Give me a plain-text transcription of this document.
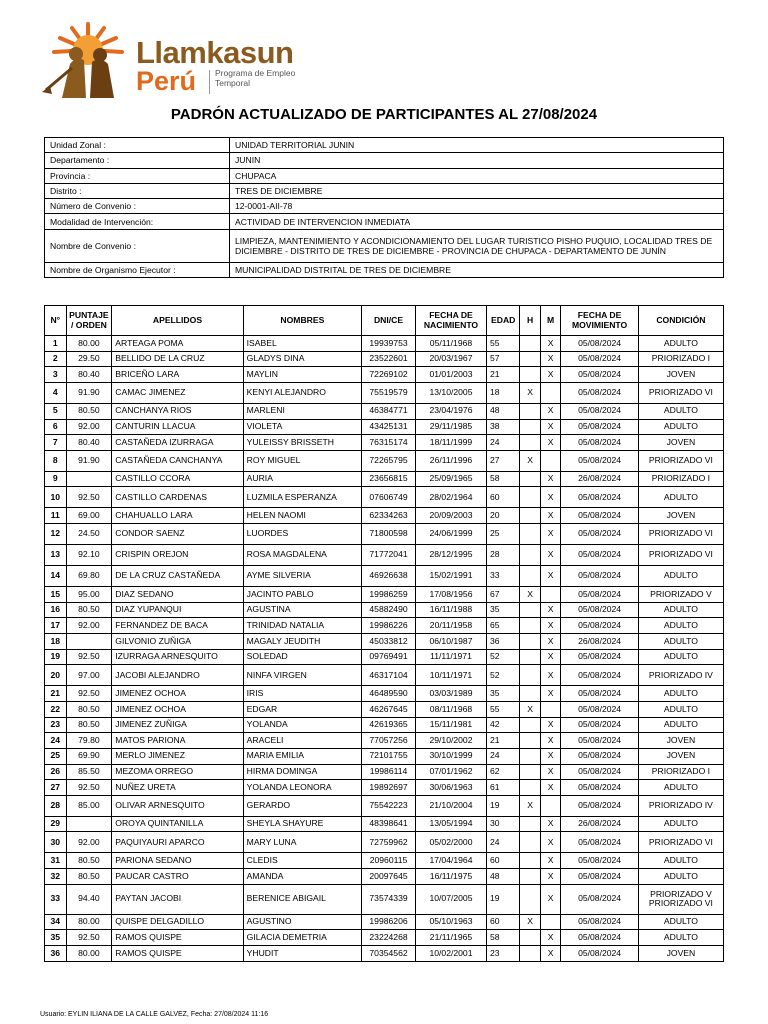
Llamkasun
Perú Programa de Empleo Temporal
PADRÓN ACTUALIZADO DE PARTICIPANTES AL 27/08/2024
Unidad Zonal :	UNIDAD TERRITORIAL JUNIN
Departamento :	JUNIN
Provincia :	CHUPACA
Distrito :	TRES DE DICIEMBRE
Número de Convenio :	12-0001-AII-78
Modalidad de Intervención:	ACTIVIDAD DE INTERVENCION INMEDIATA
Nombre de Convenio :	LIMPIEZA, MANTENIMIENTO Y ACONDICIONAMIENTO DEL LUGAR TURISTICO PISHO PUQUIO, LOCALIDAD TRES DE DICIEMBRE - DISTRITO DE TRES DE DICIEMBRE - PROVINCIA DE CHUPACA - DEPARTAMENTO DE JUNÍN
Nombre de Organismo Ejecutor :	MUNICIPALIDAD DISTRITAL DE TRES DE DICIEMBRE
N°	PUNTAJE / ORDEN	APELLIDOS	NOMBRES	DNI/CE	FECHA DE NACIMIENTO	EDAD	H	M	FECHA DE MOVIMIENTO	CONDICIÓN
1	80.00	ARTEAGA POMA	ISABEL	19939753	05/11/1968	55		X	05/08/2024	ADULTO
2	29.50	BELLIDO DE LA CRUZ	GLADYS DINA	23522601	20/03/1967	57		X	05/08/2024	PRIORIZADO I
3	80.40	BRICEÑO LARA	MAYLIN	72269102	01/01/2003	21		X	05/08/2024	JOVEN
4	91.90	CAMAC JIMENEZ	KENYI ALEJANDRO	75519579	13/10/2005	18	X		05/08/2024	PRIORIZADO VI
5	80.50	CANCHANYA RIOS	MARLENI	46384771	23/04/1976	48		X	05/08/2024	ADULTO
6	92.00	CANTURIN LLACUA	VIOLETA	43425131	29/11/1985	38		X	05/08/2024	ADULTO
7	80.40	CASTAÑEDA IZURRAGA	YULEISSY BRISSETH	76315174	18/11/1999	24		X	05/08/2024	JOVEN
8	91.90	CASTAÑEDA CANCHANYA	ROY MIGUEL	72265795	26/11/1996	27	X		05/08/2024	PRIORIZADO VI
9		CASTILLO CCORA	AURIA	23656815	25/09/1965	58		X	26/08/2024	PRIORIZADO I
10	92.50	CASTILLO CARDENAS	LUZMILA ESPERANZA	07606749	28/02/1964	60		X	05/08/2024	ADULTO
11	69.00	CHAHUALLO LARA	HELEN NAOMI	62334263	20/09/2003	20		X	05/08/2024	JOVEN
12	24.50	CONDOR SAENZ	LUORDES	71800598	24/06/1999	25		X	05/08/2024	PRIORIZADO VI
13	92.10	CRISPIN OREJON	ROSA MAGDALENA	71772041	28/12/1995	28		X	05/08/2024	PRIORIZADO VI
14	69.80	DE LA CRUZ CASTAÑEDA	AYME SILVERIA	46926638	15/02/1991	33		X	05/08/2024	ADULTO
15	95.00	DIAZ SEDANO	JACINTO PABLO	19986259	17/08/1956	67	X		05/08/2024	PRIORIZADO V
16	80.50	DIAZ YUPANQUI	AGUSTINA	45882490	16/11/1988	35		X	05/08/2024	ADULTO
17	92.00	FERNANDEZ DE BACA	TRINIDAD NATALIA	19986226	20/11/1958	65		X	05/08/2024	ADULTO
18		GILVONIO ZUÑIGA	MAGALY JEUDITH	45033812	06/10/1987	36		X	26/08/2024	ADULTO
19	92.50	IZURRAGA ARNESQUITO	SOLEDAD	09769491	11/11/1971	52		X	05/08/2024	ADULTO
20	97.00	JACOBI ALEJANDRO	NINFA VIRGEN	46317104	10/11/1971	52		X	05/08/2024	PRIORIZADO IV
21	92.50	JIMENEZ OCHOA	IRIS	46489590	03/03/1989	35		X	05/08/2024	ADULTO
22	80.50	JIMENEZ OCHOA	EDGAR	46267645	08/11/1968	55	X		05/08/2024	ADULTO
23	80.50	JIMENEZ ZUÑIGA	YOLANDA	42619365	15/11/1981	42		X	05/08/2024	ADULTO
24	79.80	MATOS PARIONA	ARACELI	77057256	29/10/2002	21		X	05/08/2024	JOVEN
25	69.90	MERLO JIMENEZ	MARIA EMILIA	72101755	30/10/1999	24		X	05/08/2024	JOVEN
26	85.50	MEZOMA ORREGO	HIRMA DOMINGA	19986114	07/01/1962	62		X	05/08/2024	PRIORIZADO I
27	92.50	NUÑEZ URETA	YOLANDA LEONORA	19892697	30/06/1963	61		X	05/08/2024	ADULTO
28	85.00	OLIVAR ARNESQUITO	GERARDO	75542223	21/10/2004	19	X		05/08/2024	PRIORIZADO IV
29		OROYA QUINTANILLA	SHEYLA SHAYURE	48398641	13/05/1994	30		X	26/08/2024	ADULTO
30	92.00	PAQUIYAURI APARCO	MARY LUNA	72759962	05/02/2000	24		X	05/08/2024	PRIORIZADO VI
31	80.50	PARIONA SEDANO	CLEDIS	20960115	17/04/1964	60		X	05/08/2024	ADULTO
32	80.50	PAUCAR CASTRO	AMANDA	20097645	16/11/1975	48		X	05/08/2024	ADULTO
33	94.40	PAYTAN JACOBI	BERENICE ABIGAIL	73574339	10/07/2005	19		X	05/08/2024	PRIORIZADO V PRIORIZADO VI
34	80.00	QUISPE DELGADILLO	AGUSTINO	19986206	05/10/1963	60	X		05/08/2024	ADULTO
35	92.50	RAMOS QUISPE	GILACIA DEMETRIA	23224268	21/11/1965	58		X	05/08/2024	ADULTO
36	80.00	RAMOS QUISPE	YHUDIT	70354562	10/02/2001	23		X	05/08/2024	JOVEN
Usuario: EYLIN ILIANA DE LA CALLE GALVEZ, Fecha: 27/08/2024 11:16
